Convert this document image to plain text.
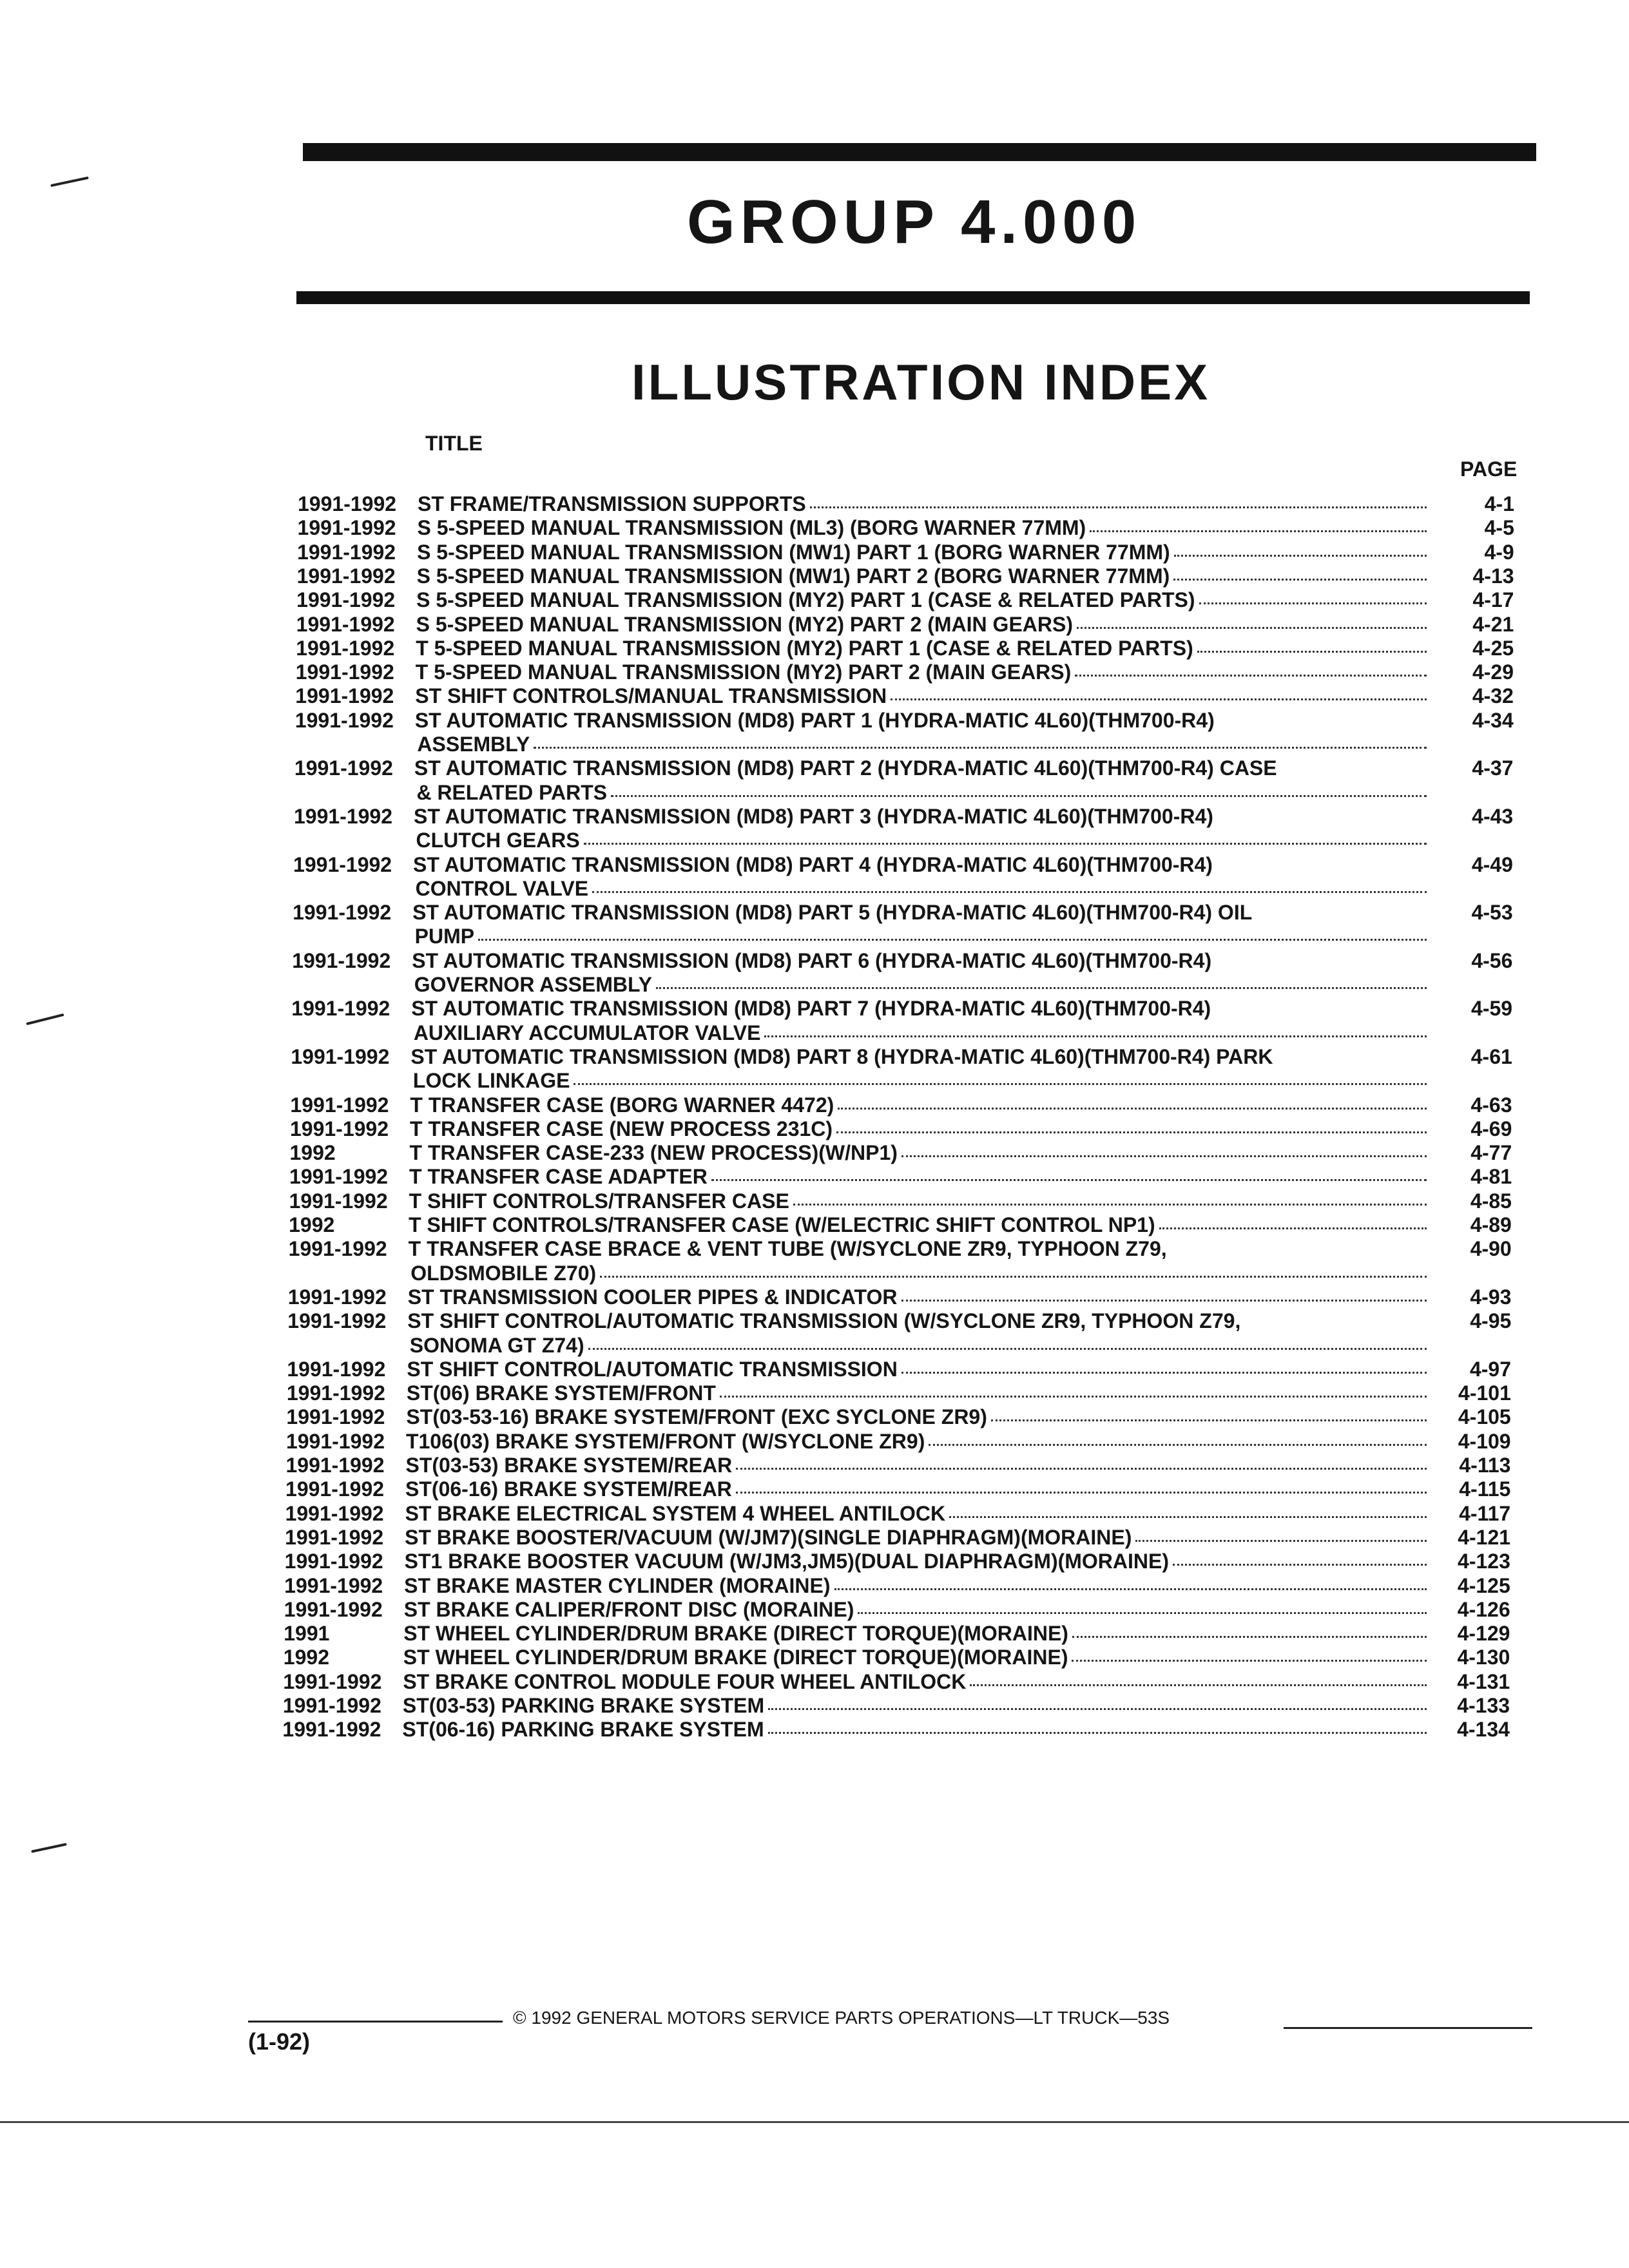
GROUP 4.000
ILLUSTRATION INDEX
TITLE
PAGE
1991-1992	ST FRAME/TRANSMISSION SUPPORTS	4-1
1991-1992	S 5-SPEED MANUAL TRANSMISSION (ML3) (BORG WARNER 77MM)	4-5
1991-1992	S 5-SPEED MANUAL TRANSMISSION (MW1) PART 1 (BORG WARNER 77MM)	4-9
1991-1992	S 5-SPEED MANUAL TRANSMISSION (MW1) PART 2 (BORG WARNER 77MM)	4-13
1991-1992	S 5-SPEED MANUAL TRANSMISSION (MY2) PART 1 (CASE & RELATED PARTS)	4-17
1991-1992	S 5-SPEED MANUAL TRANSMISSION (MY2) PART 2 (MAIN GEARS)	4-21
1991-1992	T 5-SPEED MANUAL TRANSMISSION (MY2) PART 1 (CASE & RELATED PARTS)	4-25
1991-1992	T 5-SPEED MANUAL TRANSMISSION (MY2) PART 2 (MAIN GEARS)	4-29
1991-1992	ST SHIFT CONTROLS/MANUAL TRANSMISSION	4-32
1991-1992	ST AUTOMATIC TRANSMISSION (MD8) PART 1 (HYDRA-MATIC 4L60)(THM700-R4)	4-34
ASSEMBLY
1991-1992	ST AUTOMATIC TRANSMISSION (MD8) PART 2 (HYDRA-MATIC 4L60)(THM700-R4) CASE	4-37
& RELATED PARTS
1991-1992	ST AUTOMATIC TRANSMISSION (MD8) PART 3 (HYDRA-MATIC 4L60)(THM700-R4)	4-43
CLUTCH GEARS
1991-1992	ST AUTOMATIC TRANSMISSION (MD8) PART 4 (HYDRA-MATIC 4L60)(THM700-R4)	4-49
CONTROL VALVE
1991-1992	ST AUTOMATIC TRANSMISSION (MD8) PART 5 (HYDRA-MATIC 4L60)(THM700-R4) OIL	4-53
PUMP
1991-1992	ST AUTOMATIC TRANSMISSION (MD8) PART 6 (HYDRA-MATIC 4L60)(THM700-R4)	4-56
GOVERNOR ASSEMBLY
1991-1992	ST AUTOMATIC TRANSMISSION (MD8) PART 7 (HYDRA-MATIC 4L60)(THM700-R4)	4-59
AUXILIARY ACCUMULATOR VALVE
1991-1992	ST AUTOMATIC TRANSMISSION (MD8) PART 8 (HYDRA-MATIC 4L60)(THM700-R4) PARK	4-61
LOCK LINKAGE
1991-1992	T TRANSFER CASE (BORG WARNER 4472)	4-63
1991-1992	T TRANSFER CASE (NEW PROCESS 231C)	4-69
1992	T TRANSFER CASE-233 (NEW PROCESS)(W/NP1)	4-77
1991-1992	T TRANSFER CASE ADAPTER	4-81
1991-1992	T SHIFT CONTROLS/TRANSFER CASE	4-85
1992	T SHIFT CONTROLS/TRANSFER CASE (W/ELECTRIC SHIFT CONTROL NP1)	4-89
1991-1992	T TRANSFER CASE BRACE & VENT TUBE (W/SYCLONE ZR9, TYPHOON Z79,	4-90
OLDSMOBILE Z70)
1991-1992	ST TRANSMISSION COOLER PIPES & INDICATOR	4-93
1991-1992	ST SHIFT CONTROL/AUTOMATIC TRANSMISSION (W/SYCLONE ZR9, TYPHOON Z79,	4-95
SONOMA GT Z74)
1991-1992	ST SHIFT CONTROL/AUTOMATIC TRANSMISSION	4-97
1991-1992	ST(06) BRAKE SYSTEM/FRONT	4-101
1991-1992	ST(03-53-16) BRAKE SYSTEM/FRONT (EXC SYCLONE ZR9)	4-105
1991-1992	T106(03) BRAKE SYSTEM/FRONT (W/SYCLONE ZR9)	4-109
1991-1992	ST(03-53) BRAKE SYSTEM/REAR	4-113
1991-1992	ST(06-16) BRAKE SYSTEM/REAR	4-115
1991-1992	ST BRAKE ELECTRICAL SYSTEM 4 WHEEL ANTILOCK	4-117
1991-1992	ST BRAKE BOOSTER/VACUUM (W/JM7)(SINGLE DIAPHRAGM)(MORAINE)	4-121
1991-1992	ST1 BRAKE BOOSTER VACUUM (W/JM3,JM5)(DUAL DIAPHRAGM)(MORAINE)	4-123
1991-1992	ST BRAKE MASTER CYLINDER (MORAINE)	4-125
1991-1992	ST BRAKE CALIPER/FRONT DISC (MORAINE)	4-126
1991	ST WHEEL CYLINDER/DRUM BRAKE (DIRECT TORQUE)(MORAINE)	4-129
1992	ST WHEEL CYLINDER/DRUM BRAKE (DIRECT TORQUE)(MORAINE)	4-130
1991-1992	ST BRAKE CONTROL MODULE FOUR WHEEL ANTILOCK	4-131
1991-1992	ST(03-53) PARKING BRAKE SYSTEM	4-133
1991-1992	ST(06-16) PARKING BRAKE SYSTEM	4-134
© 1992 GENERAL MOTORS SERVICE PARTS OPERATIONS—LT TRUCK—53S
(1-92)
